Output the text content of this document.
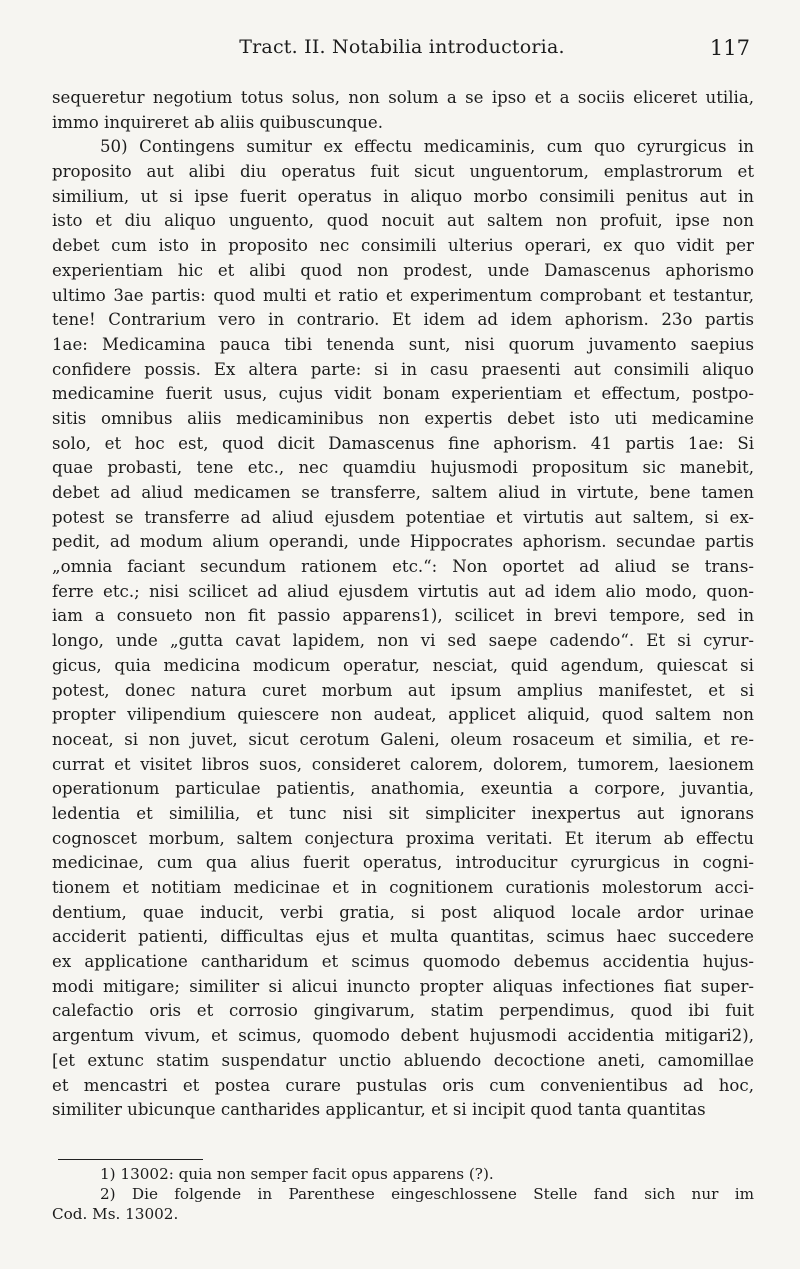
Tract. II. Notabilia introductoria.	117
sequeretur negotium totus solus, non solum a se ipso et a sociis eliceret utilia,
immo inquireret ab aliis quibuscunque.
50) Contingens sumitur ex effectu medicaminis, cum quo cyrurgicus in
proposito aut alibi diu operatus fuit sicut unguentorum, emplastrorum et
similium, ut si ipse fuerit operatus in aliquo morbo consimili penitus aut in
isto et diu aliquo unguento, quod nocuit aut saltem non profuit, ipse non
debet cum isto in proposito nec consimili ulterius operari, ex quo vidit per
experientiam hic et alibi quod non prodest, unde Damascenus aphorismo
ultimo 3ae partis: quod multi et ratio et experimentum comprobant et testantur,
tene! Contrarium vero in contrario. Et idem ad idem aphorism. 23o partis
1ae: Medicamina pauca tibi tenenda sunt, nisi quorum juvamento saepius
confidere possis. Ex altera parte: si in casu praesenti aut consimili aliquo
medicamine fuerit usus, cujus vidit bonam experientiam et effectum, postpo-
sitis omnibus aliis medicaminibus non expertis debet isto uti medicamine
solo, et hoc est, quod dicit Damascenus fine aphorism. 41 partis 1ae: Si
quae probasti, tene etc., nec quamdiu hujusmodi propositum sic manebit,
debet ad aliud medicamen se transferre, saltem aliud in virtute, bene tamen
potest se transferre ad aliud ejusdem potentiae et virtutis aut saltem, si ex-
pedit, ad modum alium operandi, unde Hippocrates aphorism. secundae partis
„omnia faciant secundum rationem etc.“: Non oportet ad aliud se trans-
ferre etc.; nisi scilicet ad aliud ejusdem virtutis aut ad idem alio modo, quon-
iam a consueto non fit passio apparens1), scilicet in brevi tempore, sed in
longo, unde „gutta cavat lapidem, non vi sed saepe cadendo“. Et si cyrur-
gicus, quia medicina modicum operatur, nesciat, quid agendum, quiescat si
potest, donec natura curet morbum aut ipsum amplius manifestet, et si
propter vilipendium quiescere non audeat, applicet aliquid, quod saltem non
noceat, si non juvet, sicut cerotum Galeni, oleum rosaceum et similia, et re-
currat et visitet libros suos, consideret calorem, dolorem, tumorem, laesionem
operationum particulae patientis, anathomia, exeuntia a corpore, juvantia,
ledentia et simililia, et tunc nisi sit simpliciter inexpertus aut ignorans
cognoscet morbum, saltem conjectura proxima veritati. Et iterum ab effectu
medicinae, cum qua alius fuerit operatus, introducitur cyrurgicus in cogni-
tionem et notitiam medicinae et in cognitionem curationis molestorum acci-
dentium, quae inducit, verbi gratia, si post aliquod locale ardor urinae
acciderit patienti, difficultas ejus et multa quantitas, scimus haec succedere
ex applicatione cantharidum et scimus quomodo debemus accidentia hujus-
modi mitigare; similiter si alicui inuncto propter aliquas infectiones fiat super-
calefactio oris et corrosio gingivarum, statim perpendimus, quod ibi fuit
argentum vivum, et scimus, quomodo debent hujusmodi accidentia mitigari2),
[et extunc statim suspendatur unctio abluendo decoctione aneti, camomillae
et mencastri et postea curare pustulas oris cum convenientibus ad hoc,
similiter ubicunque cantharides applicantur, et si incipit quod tanta quantitas
1) 13002: quia non semper facit opus apparens (?).
2) Die folgende in Parenthese eingeschlossene Stelle fand sich nur im
Cod. Ms. 13002.
